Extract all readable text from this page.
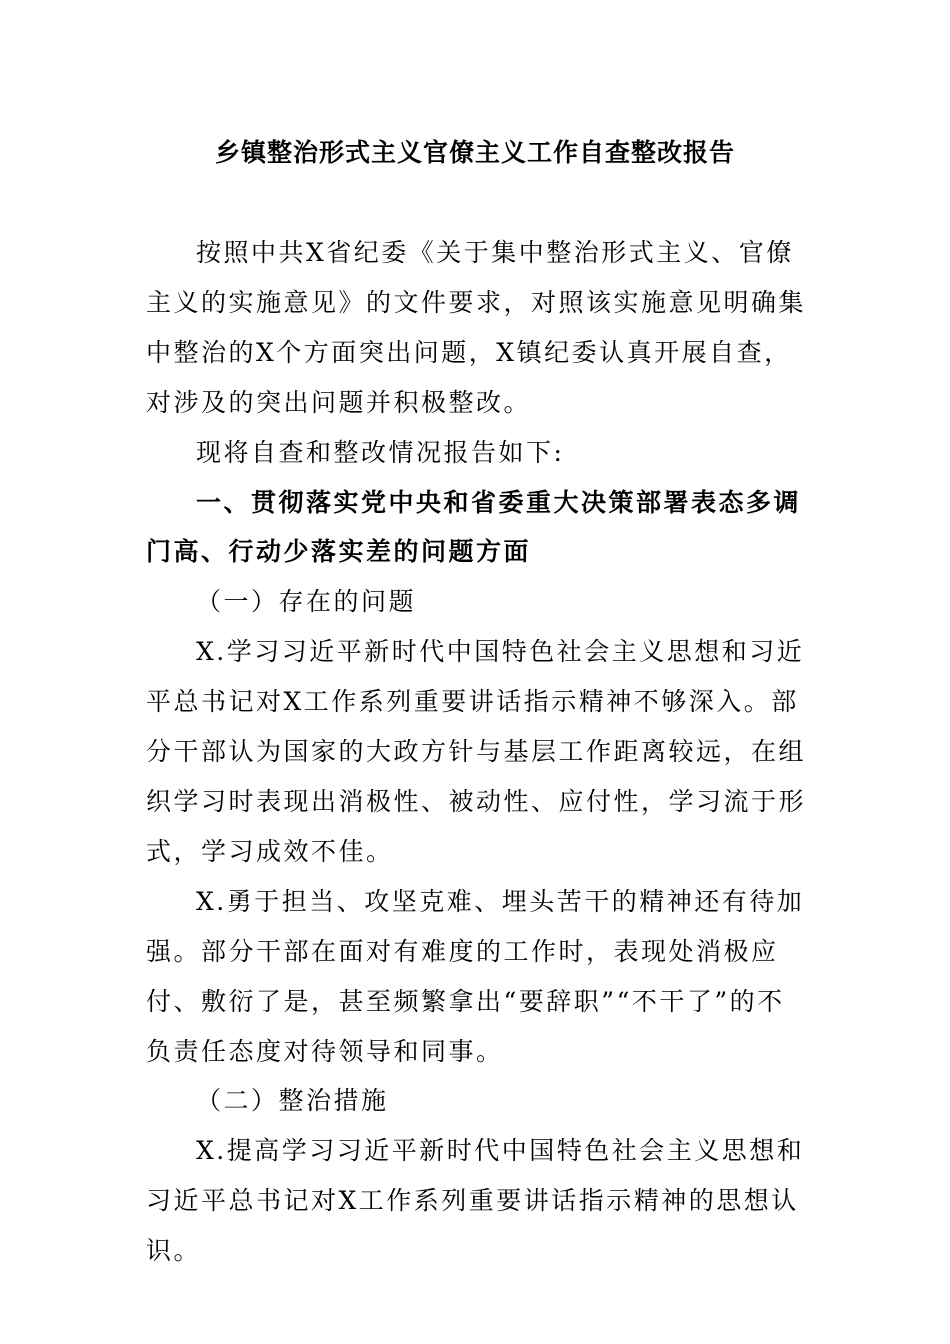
乡镇整治形式主义官僚主义工作自查整改报告

按照中共X省纪委《关于集中整治形式主义、官僚主义的实施意见》的文件要求，对照该实施意见明确集中整治的X个方面突出问题，X镇纪委认真开展自查，对涉及的突出问题并积极整改。

现将自查和整改情况报告如下:

一、贯彻落实党中央和省委重大决策部署表态多调门高、行动少落实差的问题方面

（一）存在的问题

X.学习习近平新时代中国特色社会主义思想和习近平总书记对X工作系列重要讲话指示精神不够深入。部分干部认为国家的大政方针与基层工作距离较远，在组织学习时表现出消极性、被动性、应付性，学习流于形式，学习成效不佳。

X.勇于担当、攻坚克难、埋头苦干的精神还有待加强。部分干部在面对有难度的工作时，表现处消极应付、敷衍了是，甚至频繁拿出“要辞职”“不干了”的不负责任态度对待领导和同事。

（二）整治措施

X.提高学习习近平新时代中国特色社会主义思想和习近平总书记对X工作系列重要讲话指示精神的思想认识。
